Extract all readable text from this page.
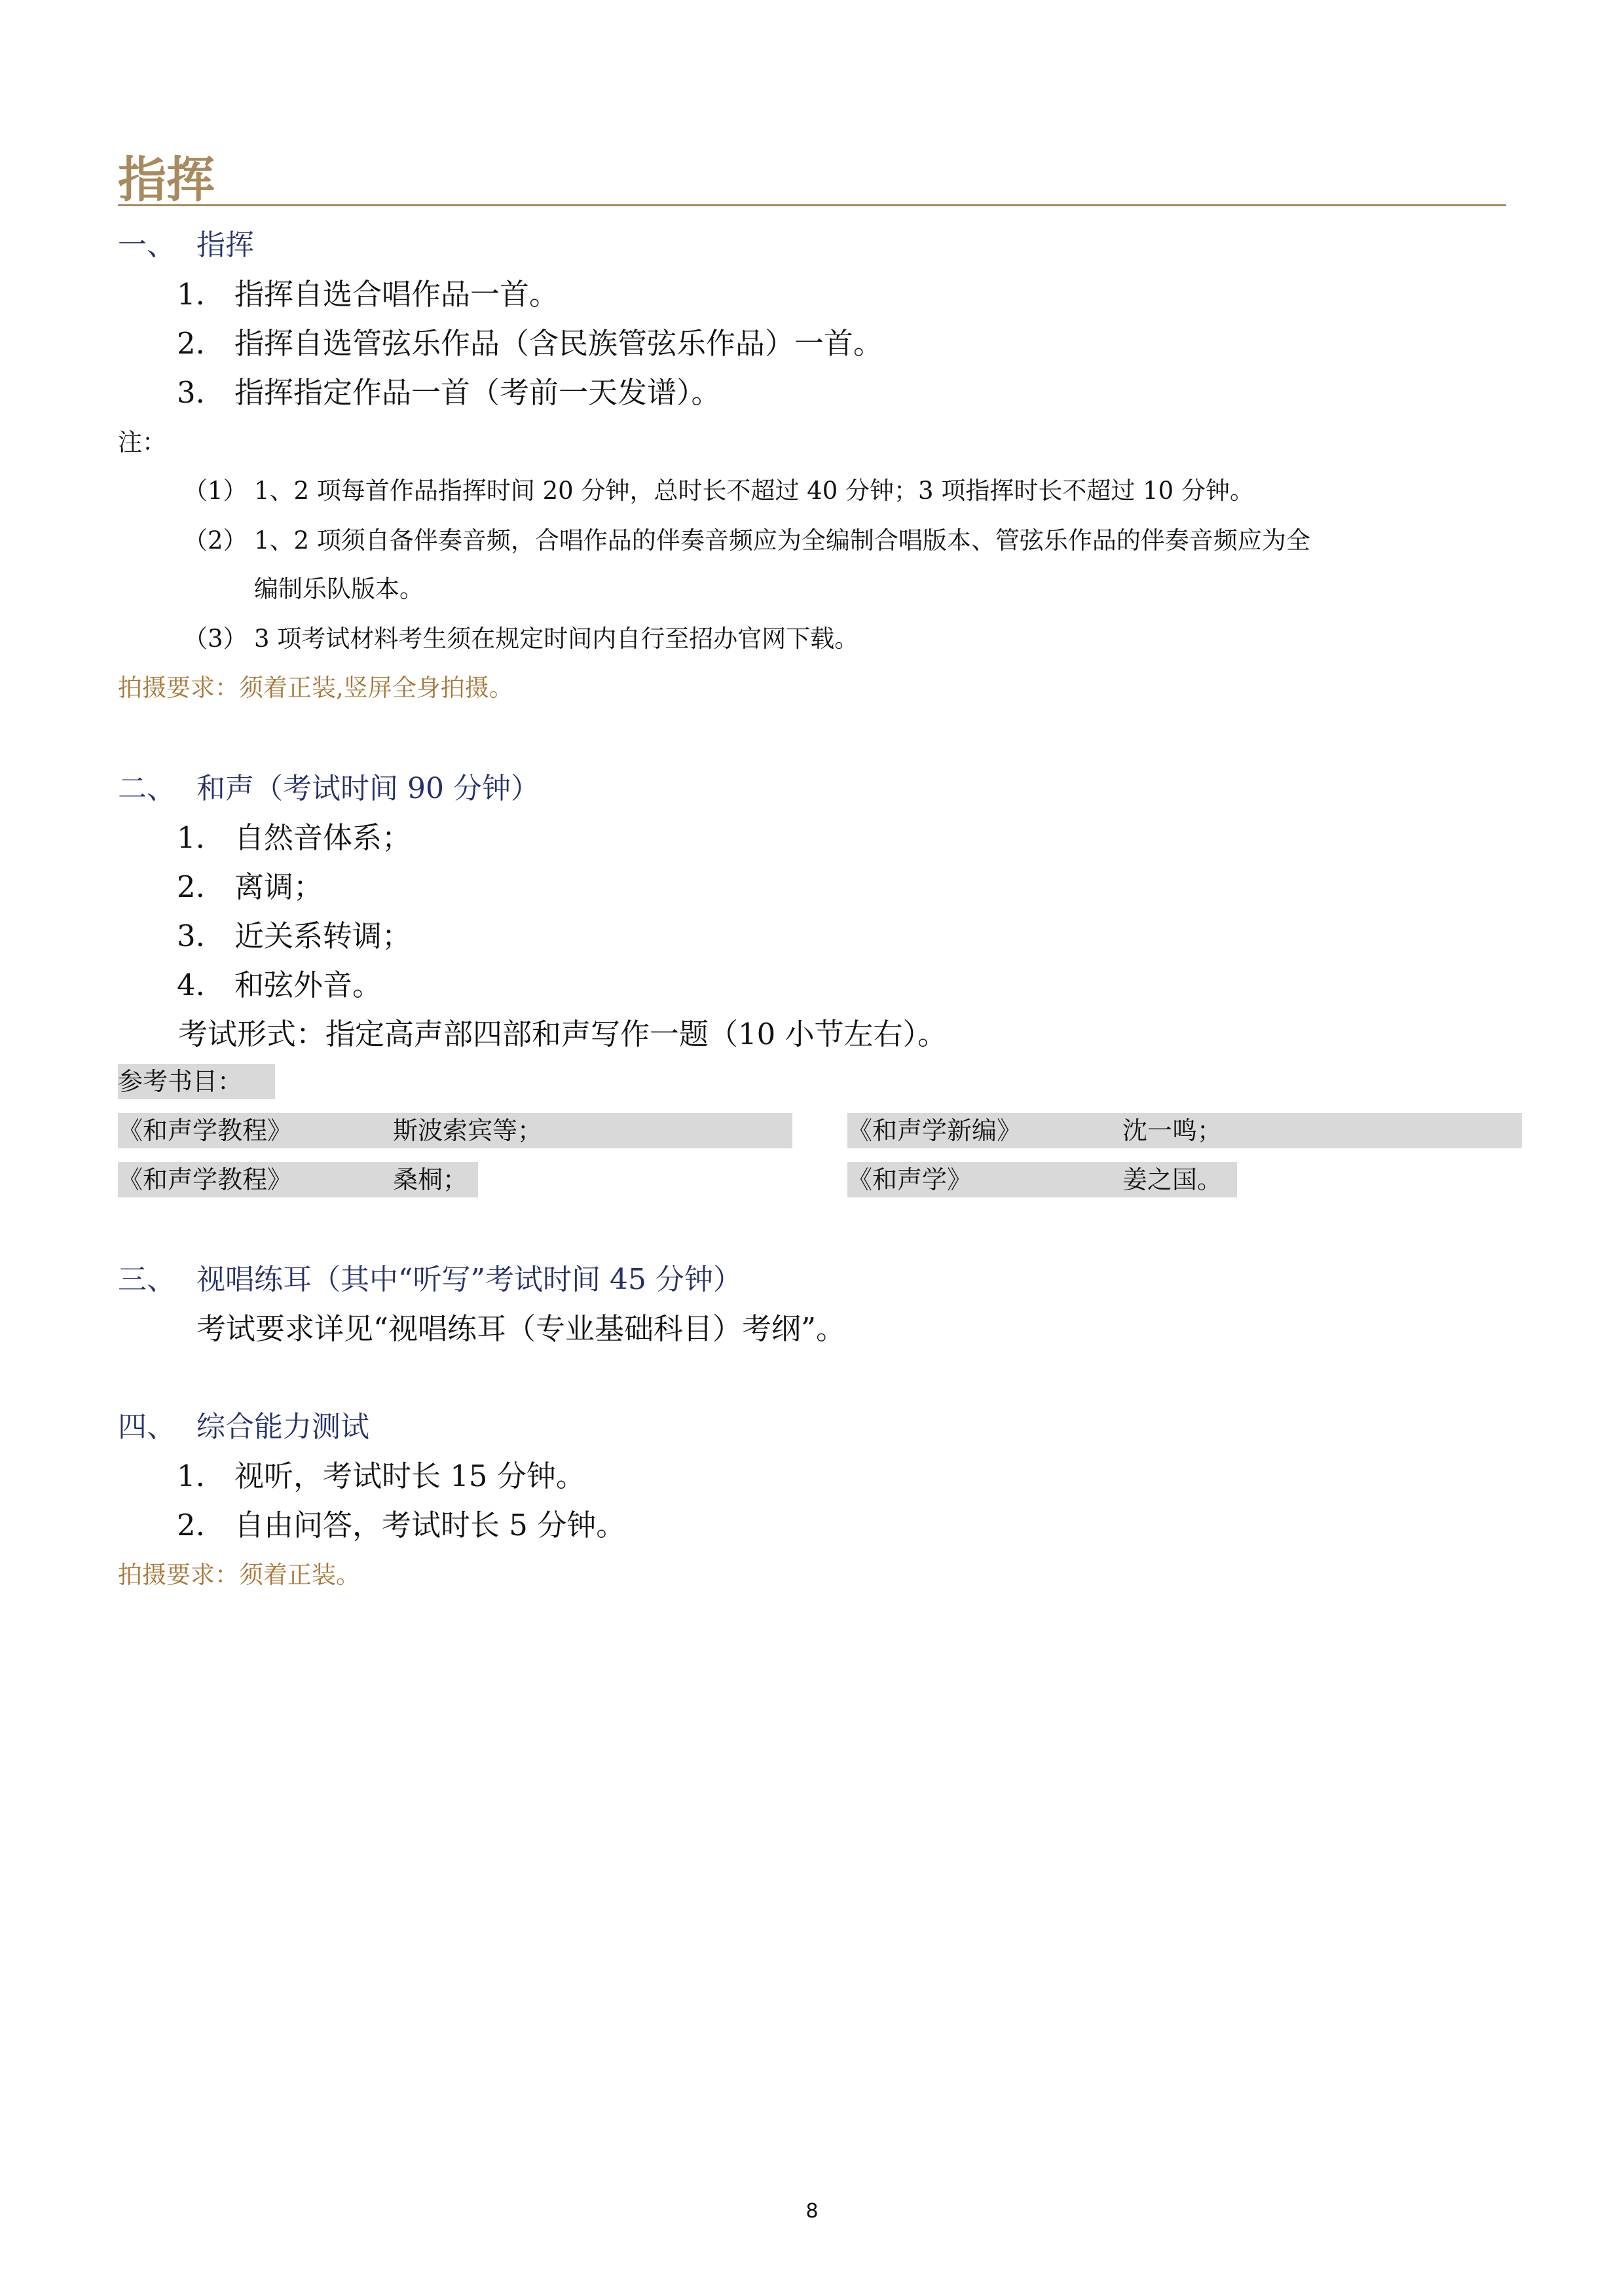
指挥
一、 指挥
1. 指挥自选合唱作品一首。
2. 指挥自选管弦乐作品（含民族管弦乐作品）一首。
3. 指挥指定作品一首（考前一天发谱）。
注：
（1） 1、2 项每首作品指挥时间 20 分钟，总时长不超过 40 分钟；3 项指挥时长不超过 10 分钟。
（2） 1、2 项须自备伴奏音频，合唱作品的伴奏音频应为全编制合唱版本、管弦乐作品的伴奏音频应为全
编制乐队版本。
（3） 3 项考试材料考生须在规定时间内自行至招办官网下载。
拍摄要求：须着正装,竖屏全身拍摄。
二、 和声（考试时间 90 分钟）
1. 自然音体系；
2. 离调；
3. 近关系转调；
4. 和弦外音。
考试形式：指定高声部四部和声写作一题（10 小节左右）。
参考书目：
《和声学教程》	斯波索宾等；	《和声学新编》	沈一鸣；
《和声学教程》	桑桐；	《和声学》	姜之国。
三、 视唱练耳（其中“听写”考试时间 45 分钟）
考试要求详见“视唱练耳（专业基础科目）考纲”。
四、 综合能力测试
1. 视听，考试时长 15 分钟。
2. 自由问答，考试时长 5 分钟。
拍摄要求：须着正装。
8
